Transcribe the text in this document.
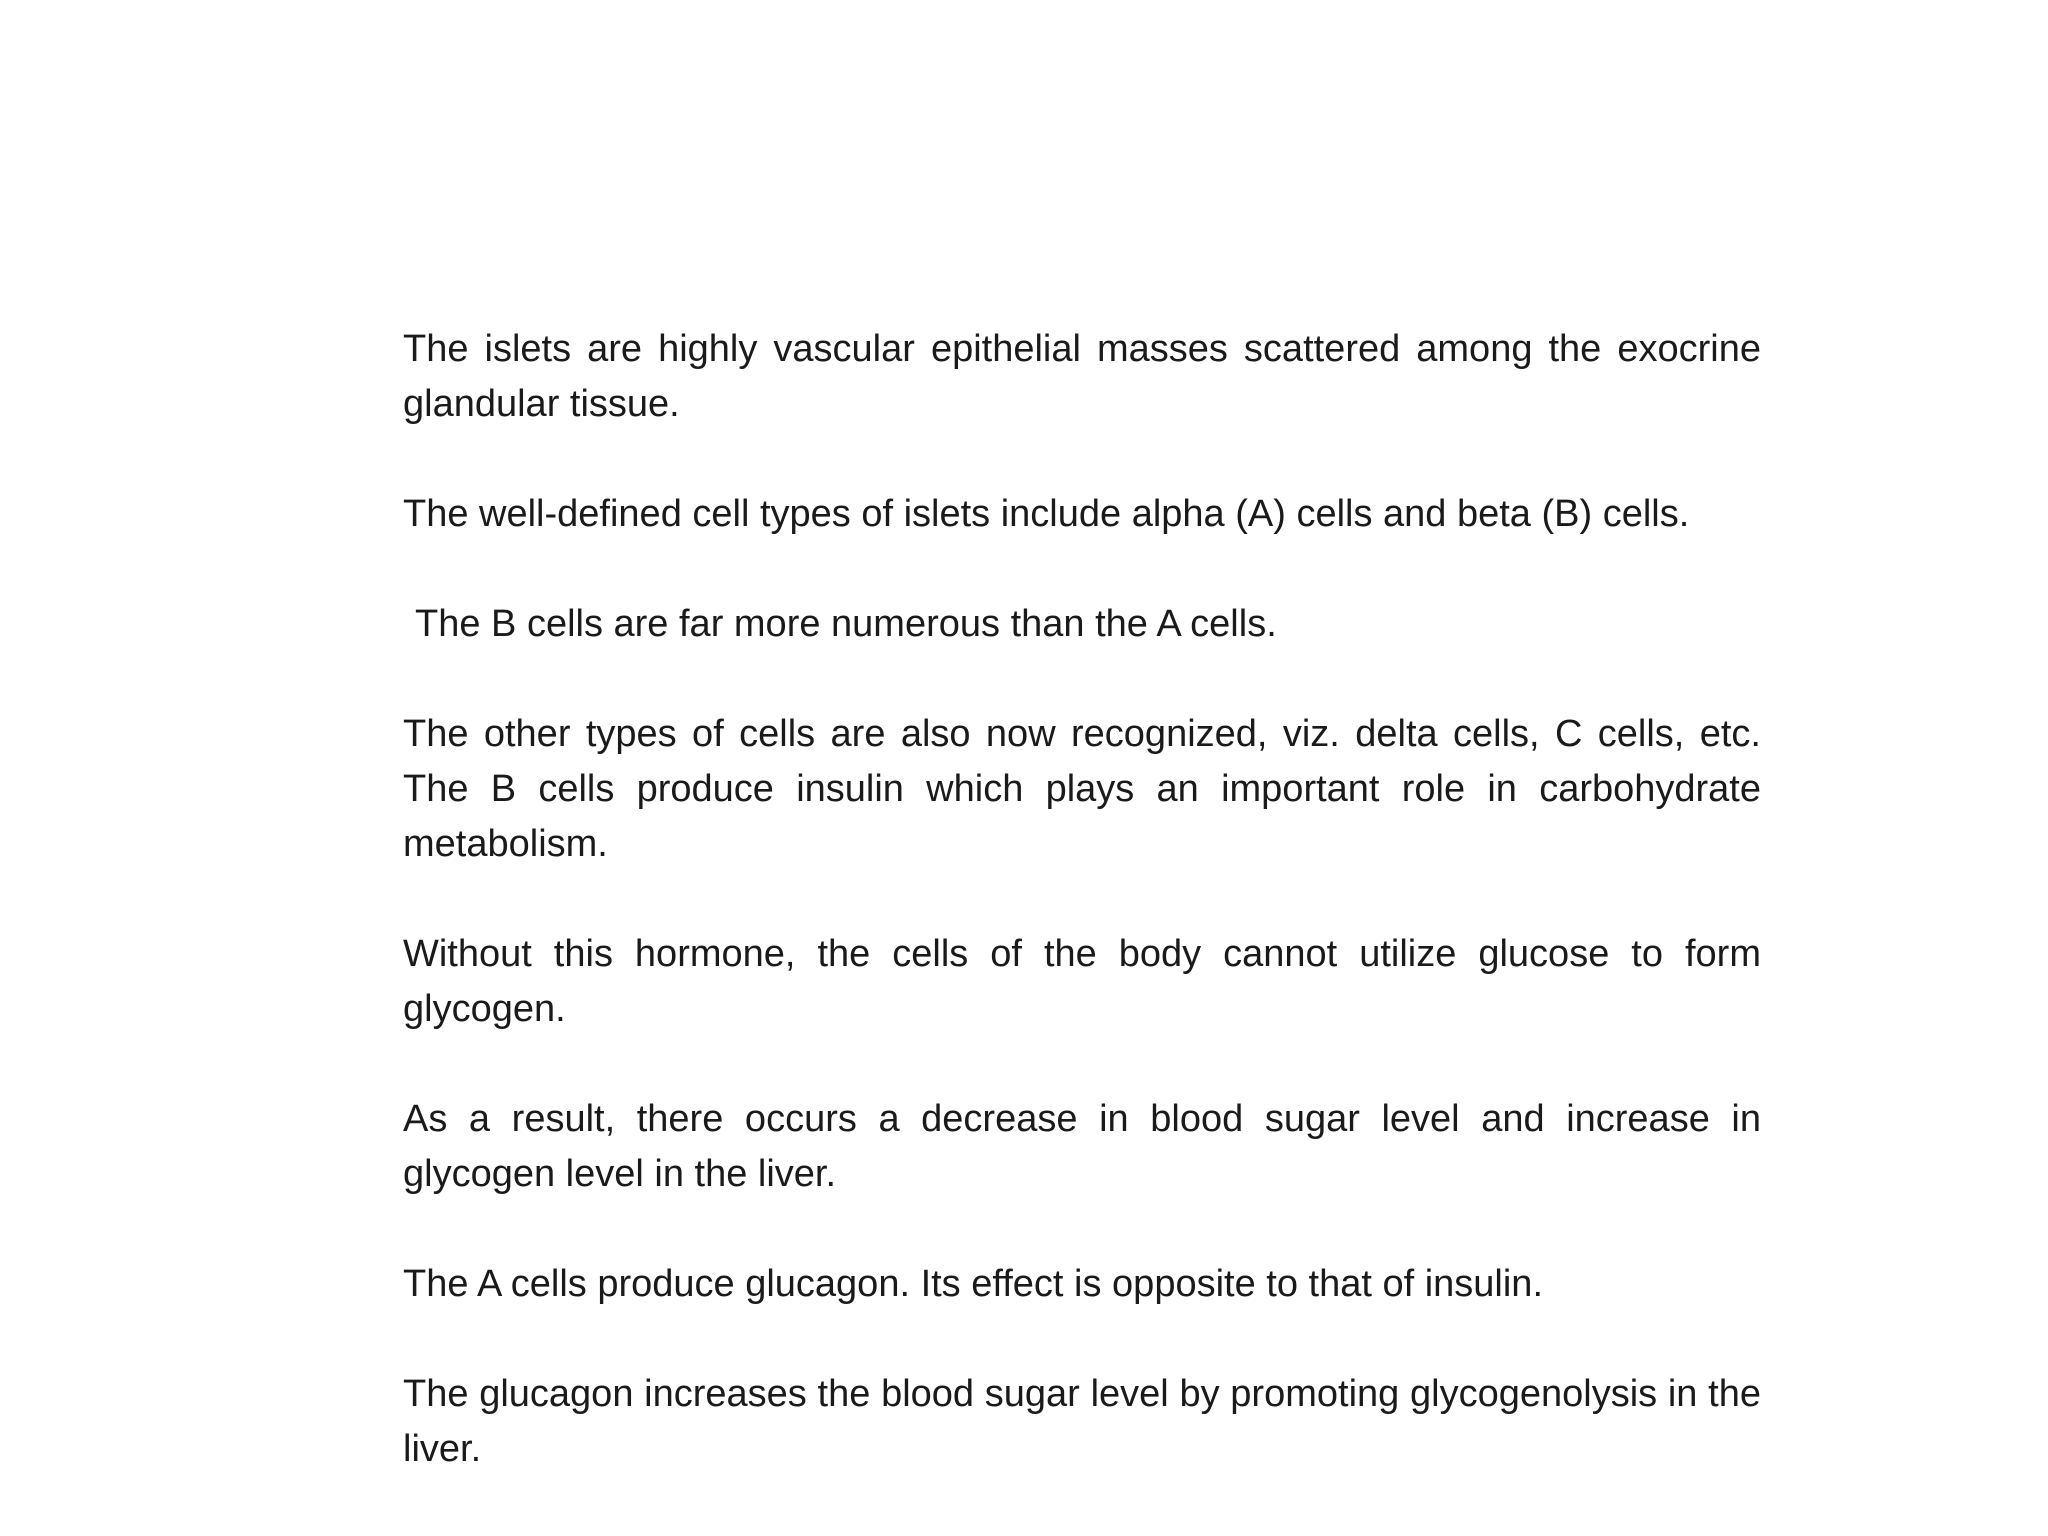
The islets are highly vascular epithelial masses scattered among the exocrine glandular tissue.

The well-defined cell types of islets include alpha (A) cells and beta (B) cells.

The B cells are far more numerous than the A cells.

The other types of cells are also now recognized, viz. delta cells, C cells, etc. The B cells produce insulin which plays an important role in carbohydrate metabolism.

Without this hormone, the cells of the body cannot utilize glucose to form glycogen.

As a result, there occurs a decrease in blood sugar level and increase in glycogen level in the liver.

The A cells produce glucagon. Its effect is opposite to that of insulin.

The glucagon increases the blood sugar level by promoting glycogenolysis in the liver.
